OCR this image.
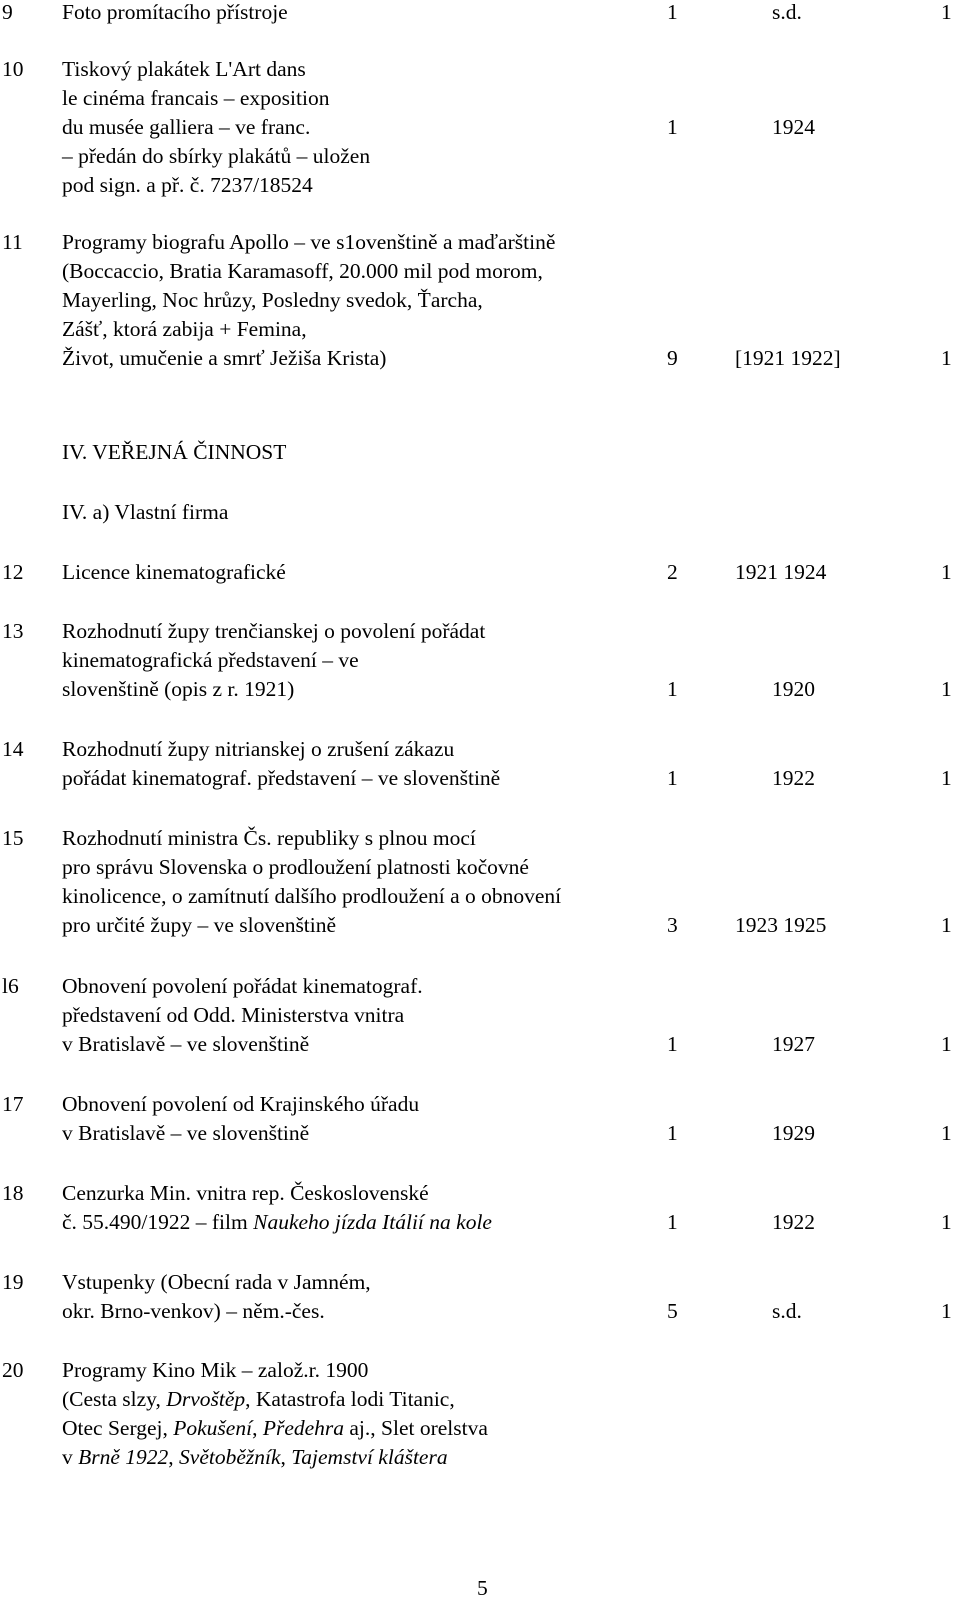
9 Foto promítacího přístroje	1	s.d.	1
10 Tiskový plakátek L'Art dans
le cinéma francais – exposition
du musée galliera – ve franc.
– předán do sbírky plakátů – uložen
pod sign. a př. č. 7237/18524
1	1924
11 Programy biografu Apollo – ve s1ovenštině a maďarštině
(Boccaccio, Bratia Karamasoff, 20.000 mil pod morom,
Mayerling, Noc hrůzy, Posledny svedok, Ťarcha,
Zášť, ktorá zabija + Femina,
Život, umučenie a smrť Ježiša Krista)	9	[1921 1922]	1
IV. VEŘEJNÁ ČINNOST
IV. a) Vlastní firma
12 Licence kinematografické	2	1921 1924	1
13 Rozhodnutí župy trenčianskej o povolení pořádat
kinematografická představení – ve
slovenštině (opis z r. 1921)	1	1920	1
14 Rozhodnutí župy nitrianskej o zrušení zákazu
pořádat kinematograf. představení – ve slovenštině	1	1922	1
15 Rozhodnutí ministra Čs. republiky s plnou mocí
pro správu Slovenska o prodloužení platnosti kočovné
kinolicence, o zamítnutí dalšího prodloužení a o obnovení
pro určité župy – ve slovenštině	3	1923 1925	1
l6 Obnovení povolení pořádat kinematograf.
představení od Odd. Ministerstva vnitra
v Bratislavě – ve slovenštině	1	1927	1
17 Obnovení povolení od Krajinského úřadu
v Bratislavě – ve slovenštině	1	1929	1
18 Cenzurka Min. vnitra rep. Československé
č. 55.490/1922 – film Naukeho jízda Itálií na kole	1	1922	1
19 Vstupenky (Obecní rada v Jamném,
okr. Brno-venkov) – něm.-čes.	5	s.d.	1
20 Programy Kino Mik – založ.r. 1900
(Cesta slzy, Drvoštěp, Katastrofa lodi Titanic,
Otec Sergej, Pokušení, Předehra aj., Slet orelstva
v Brně 1922, Světoběžník, Tajemství kláštera
5
